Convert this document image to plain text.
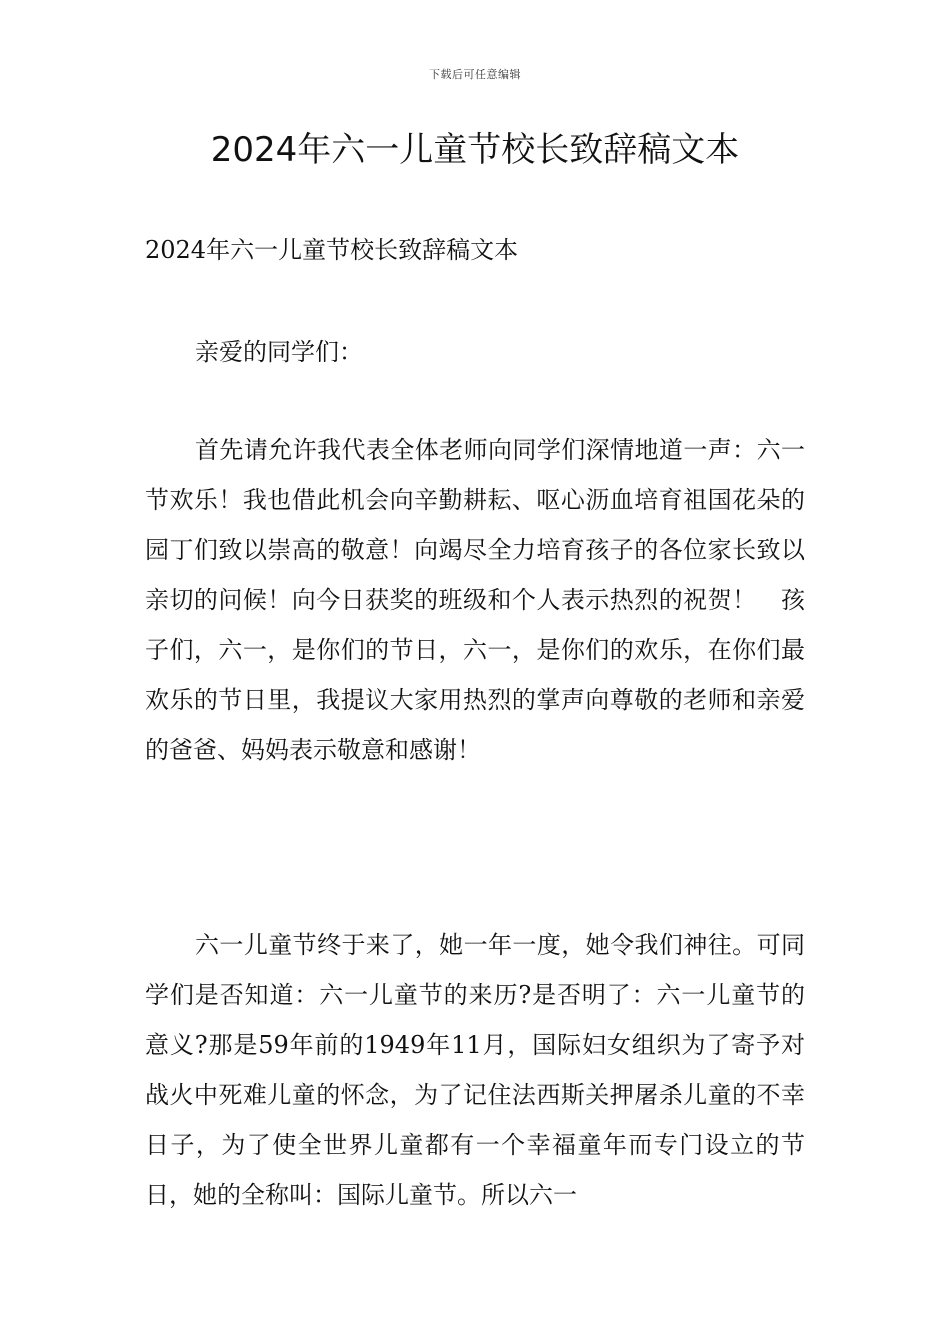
下载后可任意编辑
2024年六一儿童节校长致辞稿文本

2024年六一儿童节校长致辞稿文本

亲爱的同学们：

首先请允许我代表全体老师向同学们深情地道一声：六一节欢乐！我也借此机会向辛勤耕耘、呕心沥血培育祖国花朵的园丁们致以崇高的敬意！向竭尽全力培育孩子的各位家长致以亲切的问候！向今日获奖的班级和个人表示热烈的祝贺！　孩子们，六一，是你们的节日，六一，是你们的欢乐，在你们最欢乐的节日里，我提议大家用热烈的掌声向尊敬的老师和亲爱的爸爸、妈妈表示敬意和感谢！

六一儿童节终于来了，她一年一度，她令我们神往。可同学们是否知道：六一儿童节的来历?是否明了：六一儿童节的意义?那是59年前的1949年11月，国际妇女组织为了寄予对战火中死难儿童的怀念，为了记住法西斯关押屠杀儿童的不幸日子，为了使全世界儿童都有一个幸福童年而专门设立的节日，她的全称叫：国际儿童节。所以六一
